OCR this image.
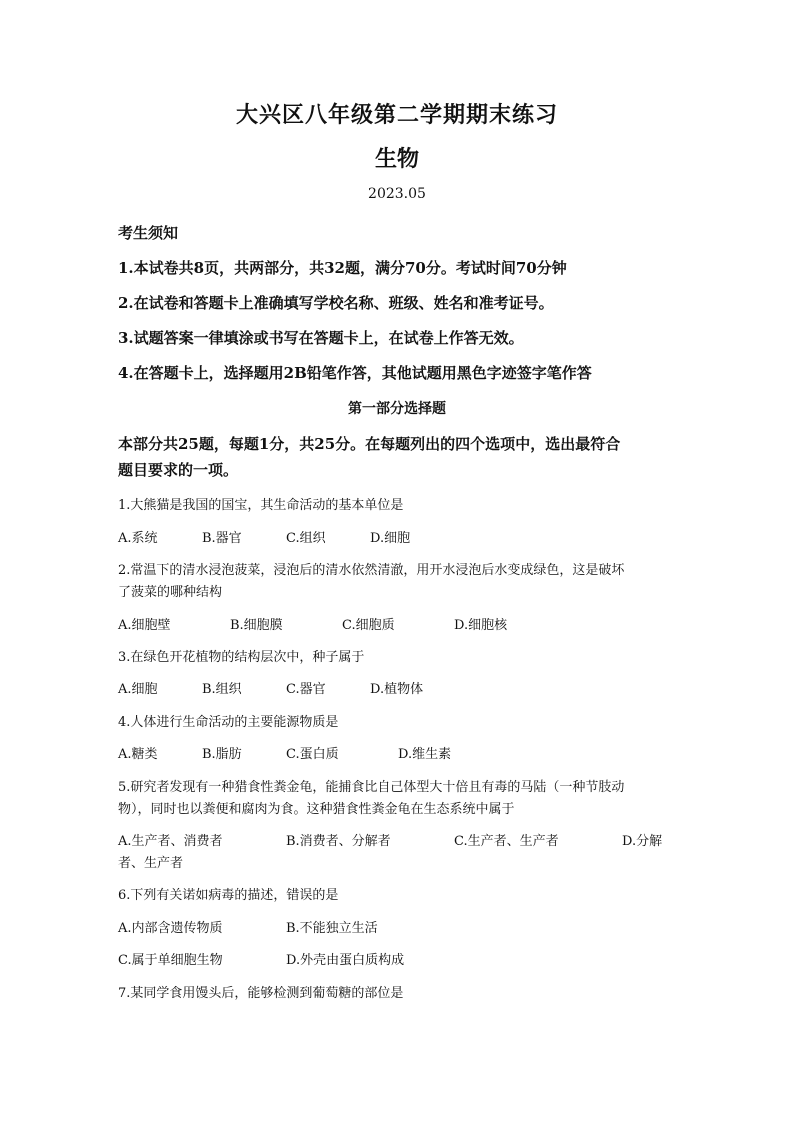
大兴区八年级第二学期期末练习
生物
2023.05
考生须知
1.本试卷共8页，共两部分，共32题，满分70分。考试时间70分钟
2.在试卷和答题卡上准确填写学校名称、班级、姓名和准考证号。
3.试题答案一律填涂或书写在答题卡上，在试卷上作答无效。
4.在答题卡上，选择题用2B铅笔作答，其他试题用黑色字迹签字笔作答
第一部分选择题
本部分共25题，每题1分，共25分。在每题列出的四个选项中，选出最符合
题目要求的一项。
1.大熊猫是我国的国宝，其生命活动的基本单位是
A.系统	B.器官	C.组织	D.细胞
2.常温下的清水浸泡菠菜，浸泡后的清水依然清澈，用开水浸泡后水变成绿色，这是破坏
了菠菜的哪种结构
A.细胞壁	B.细胞膜	C.细胞质	D.细胞核
3.在绿色开花植物的结构层次中，种子属于
A.细胞	B.组织	C.器官	D.植物体
4.人体进行生命活动的主要能源物质是
A.糖类	B.脂肪	C.蛋白质	D.维生素
5.研究者发现有一种猎食性粪金龟，能捕食比自己体型大十倍且有毒的马陆（一种节肢动
物），同时也以粪便和腐肉为食。这种猎食性粪金龟在生态系统中属于
A.生产者、消费者	B.消费者、分解者	C.生产者、生产者	D.分解
者、生产者
6.下列有关诺如病毒的描述，错误的是
A.内部含遗传物质	B.不能独立生活
C.属于单细胞生物	D.外壳由蛋白质构成
7.某同学食用馒头后，能够检测到葡萄糖的部位是
